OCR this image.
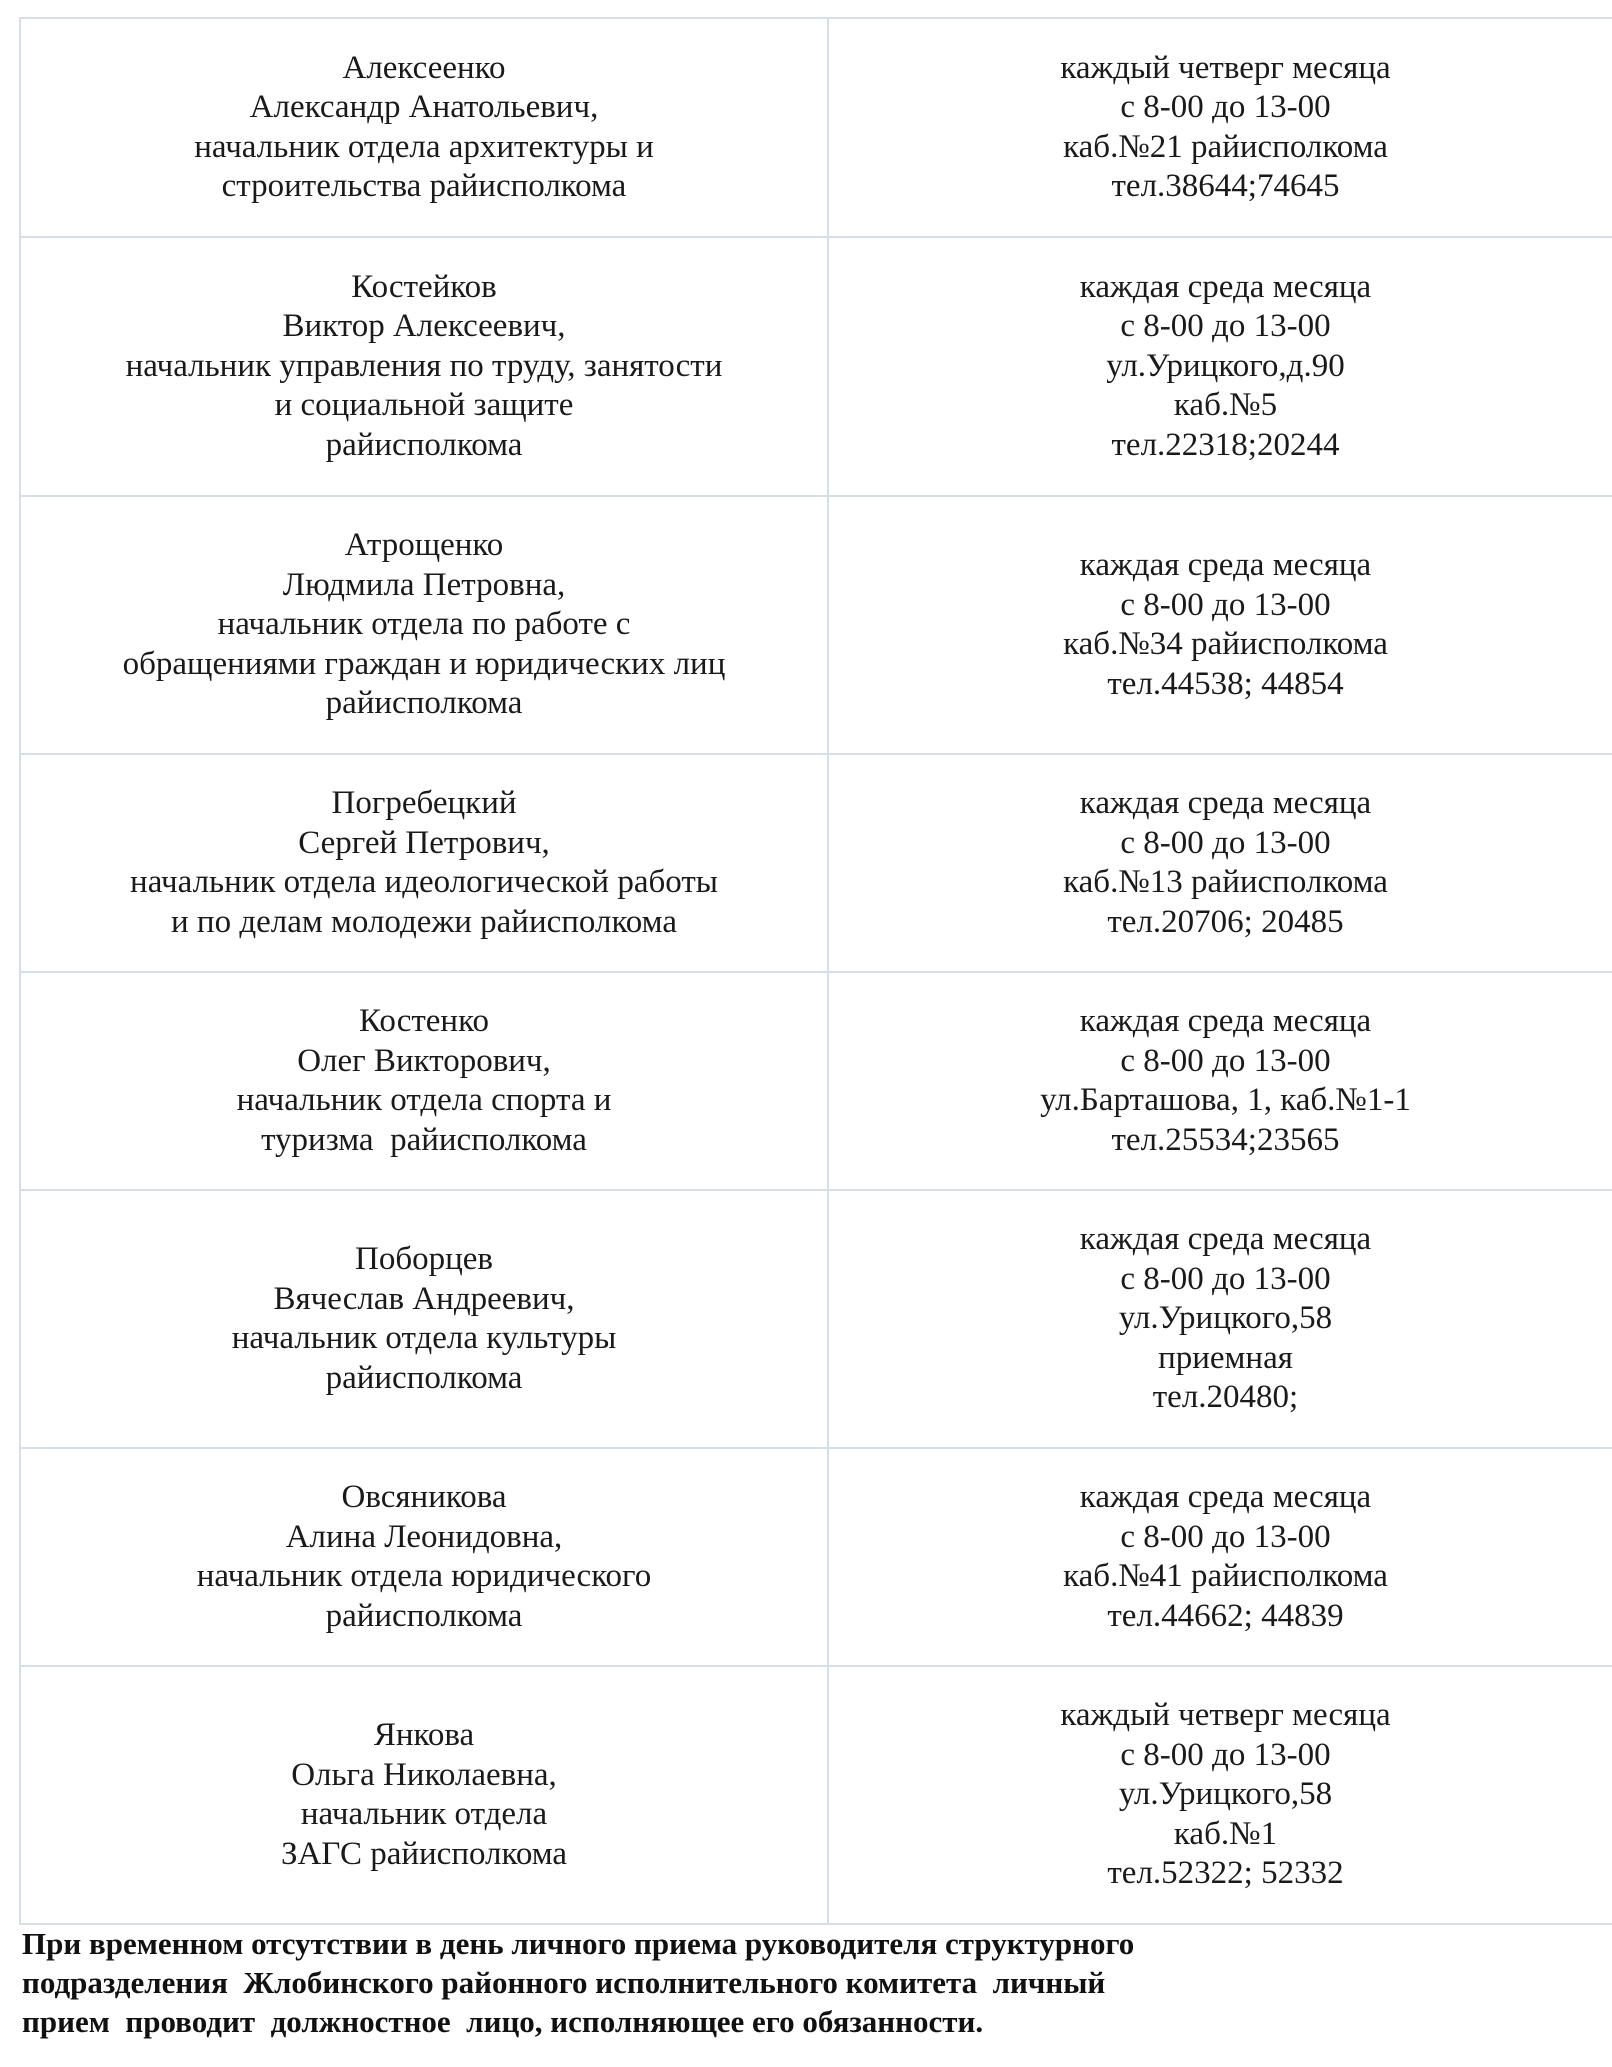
Алексеенко
Александр Анатольевич,
начальник отдела архитектуры и
строительства райисполкома	каждый четверг месяца
с 8-00 до 13-00
каб.№21 райисполкома
тел.38644;74645

Костейков
Виктор Алексеевич,
начальник управления по труду, занятости
и социальной защите
райисполкома	каждая среда месяца
с 8-00 до 13-00
ул.Урицкого,д.90
каб.№5
тел.22318;20244

Атрощенко
Людмила Петровна,
начальник отдела по работе с
обращениями граждан и юридических лиц
райисполкома	каждая среда месяца
с 8-00 до 13-00
каб.№34 райисполкома
тел.44538; 44854

Погребецкий
Сергей Петрович,
начальник отдела идеологической работы
и по делам молодежи райисполкома	каждая среда месяца
с 8-00 до 13-00
каб.№13 райисполкома
тел.20706; 20485

Костенко
Олег Викторович,
начальник отдела спорта и
туризма  райисполкома	каждая среда месяца
с 8-00 до 13-00
ул.Барташова, 1, каб.№1-1
тел.25534;23565

Поборцев
Вячеслав Андреевич,
начальник отдела культуры
райисполкома	каждая среда месяца
с 8-00 до 13-00
ул.Урицкого,58
приемная
тел.20480;

Овсяникова
Алина Леонидовна,
начальник отдела юридического
райисполкома	каждая среда месяца
с 8-00 до 13-00
каб.№41 райисполкома
тел.44662; 44839

Янкова
Ольга Николаевна,
начальник отдела
ЗАГС райисполкома	каждый четверг месяца
с 8-00 до 13-00
ул.Урицкого,58
каб.№1
тел.52322; 52332
При временном отсутствии в день личного приема руководителя структурного
подразделения  Жлобинского районного исполнительного комитета  личный
прием  проводит  должностное  лицо, исполняющее его обязанности.
